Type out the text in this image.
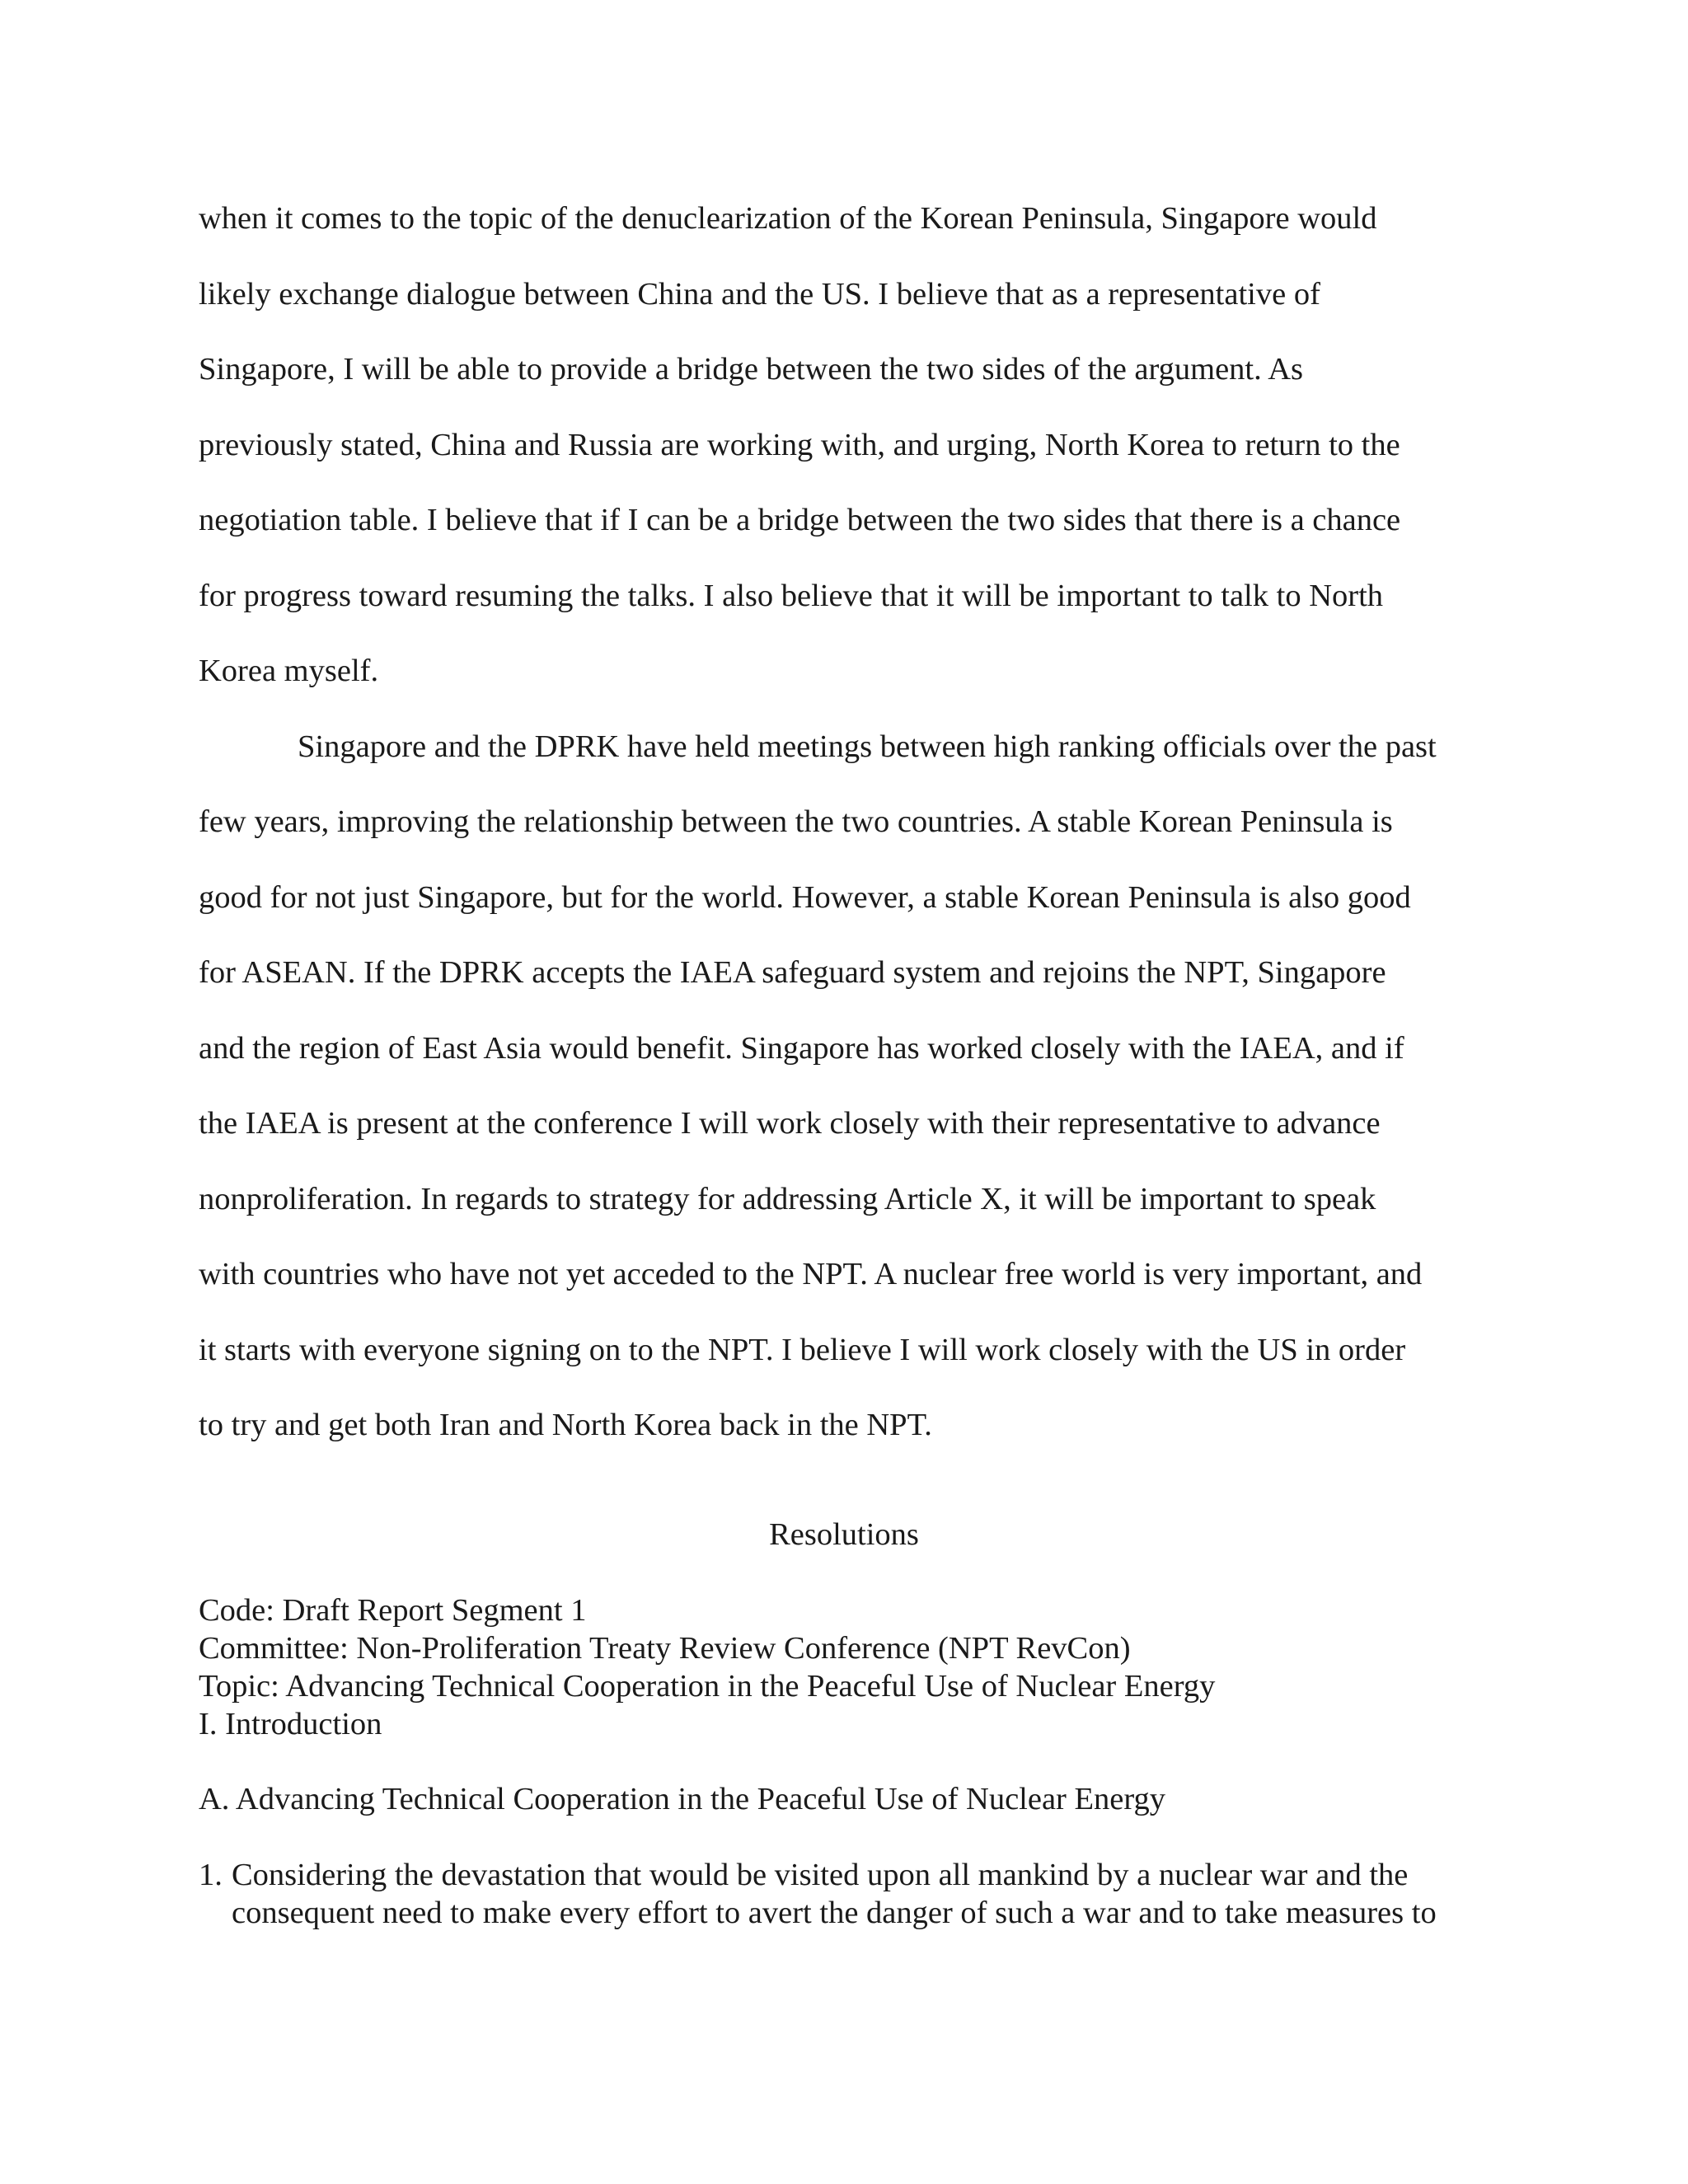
when it comes to the topic of the denuclearization of the Korean Peninsula, Singapore would
likely exchange dialogue between China and the US. I believe that as a representative of
Singapore, I will be able to provide a bridge between the two sides of the argument. As
previously stated, China and Russia are working with, and urging, North Korea to return to the
negotiation table. I believe that if I can be a bridge between the two sides that there is a chance
for progress toward resuming the talks. I also believe that it will be important to talk to North
Korea myself.
Singapore and the DPRK have held meetings between high ranking officials over the past
few years, improving the relationship between the two countries. A stable Korean Peninsula is
good for not just Singapore, but for the world. However, a stable Korean Peninsula is also good
for ASEAN. If the DPRK accepts the IAEA safeguard system and rejoins the NPT, Singapore
and the region of East Asia would benefit. Singapore has worked closely with the IAEA, and if
the IAEA is present at the conference I will work closely with their representative to advance
nonproliferation. In regards to strategy for addressing Article X, it will be important to speak
with countries who have not yet acceded to the NPT. A nuclear free world is very important, and
it starts with everyone signing on to the NPT. I believe I will work closely with the US in order
to try and get both Iran and North Korea back in the NPT.
Resolutions
Code: Draft Report Segment 1
Committee: Non-Proliferation Treaty Review Conference (NPT RevCon)
Topic: Advancing Technical Cooperation in the Peaceful Use of Nuclear Energy
I. Introduction
A. Advancing Technical Cooperation in the Peaceful Use of Nuclear Energy
1. Considering the devastation that would be visited upon all mankind by a nuclear war and the
consequent need to make every effort to avert the danger of such a war and to take measures to
